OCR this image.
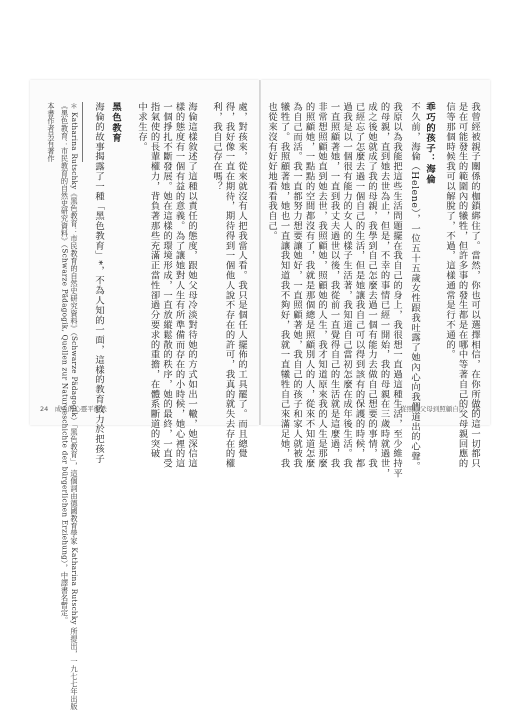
處，對孩來，從來就沒有人把我當人看。我只是個任人擺佈的工具罷了。而且總覺
得，我好像一直在期待，期待得到一個他人說不存在的許可，我真的就失去存在的權
利，我自己存在嗎？
海倫這樣敘述了這種以責任的態度，跟她父母冷淡對待她的方式如出一轍，她深信這
樣的態度有一個有益的意義。為了讓她對人生有所準備而存在的小時候，她心裡的這
一個掙扎不斷發展。她在這樣的環境形成，一直放縱鬆散的秩序，她的最終，一直受
指氣使的長輩權力，背負著那些充滿正當性卻過分要求的重擔，在體系斷道的突破
中求生存。
黑色教育
海倫的故事揭露了一種「黑色教育」*，不為人知的一面，這樣的教育致力於把孩子
＊ Katharina Rutschky《黑色教育：市民教育的自然史研究資料》（Schwarze Pädagogik）「黑色教育」，這個詞由德國教育學家 Katharina Rutschky 所提出，一九七七年出版
《黑色教育：市民教育的自然史研究資料》（Schwarze Pädagogik, Quellen zur Naturgeschichte der bürgerlichen Erziehung），中譯書名暫定。
本書作者另有著作
24　成人的心靈平衡法	我曾經被親子關係的枷鎖綁住了。當然，你也可以選擇相信，在你所做的這一切都只
是在可能發生的範圍內的犧牲，但許多事的發生都是在哪中等著自己的父母親回應的
信等那個時候我可以解脫了，不過，這樣通常是行不通的。
乖巧的孩子：海倫
不久前，海倫（Helene），一位五十五歲女性跟我吐露了她內心向我們道出的心聲。
我原以為我能把這些生活問題擺在我自己的身上，我很想一直過這種生活，至少維持平
的母親，直到她去世為止，但是，不幸的事情已經一開始，我的母親在三歲時就過世，
成之後她就成了我的母親，我學到自己怎麼去過一個有能力去做自己想要的事情，我
已經忘了怎麼去過一個自己的生活，但是她讓我自己可以得到該有的保護的時候，都
過我是以一個很有能力的女人的樣子生活著，我知道自己當初怎麼在成年後生活。我
一直照顧著她，一直到我丈夫過世以後，我從前一直覺得自己的生活就是這麼過，我
非常想照顧她直到她去世，我照顧她，照顧她的人生，我才知道原來我的人生是那麼
的照顧她，一點點的空間都沒有了，我就是那個總是照顧別人的人，從來不知道怎麼
為自己而活。我一直都努力想要讓她好，一直照顧著她，我自己的孩子和家人就被我
犧牲了。我照顧著她，她也一直讓我知道我不夠好，我就一直犧牲自己來滿足她，我
也從來沒有好好地看看我自己。
從照顧父母到照顧自己　25
